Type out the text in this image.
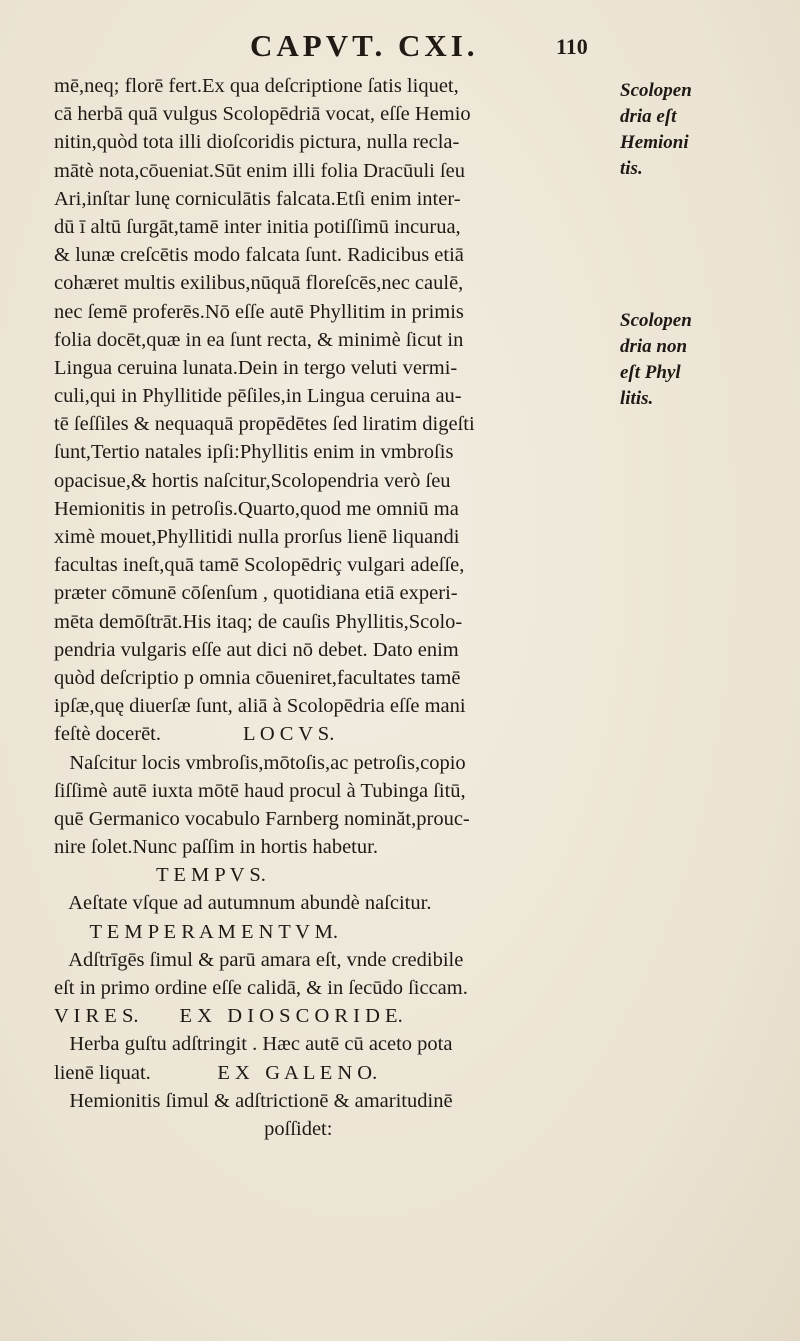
CAPVT. CXI.	110
mē,neq; florē fert.Ex qua deſcriptione ſatis liquet,
cā herbā quā vulgus Scolopēdriā vocat, eſſe Hemio
nitin,quòd tota illi dioſcoridis pictura, nulla recla-
mātè nota,cōueniat.Sūt enim illi folia Dracūuli ſeu
Ari,inſtar lunę corniculātis falcata.Etſi enim inter-
dū ī altū ſurgāt,tamē inter initia potiſſimū incurua,
& lunæ creſcētis modo falcata ſunt. Radicibus etiā
cohæret multis exilibus,nūquā floreſcēs,nec caulē,
nec ſemē proferēs.Nō eſſe autē Phyllitim in primis
folia docēt,quæ in ea ſunt recta, & minimè ſicut in
Lingua ceruina lunata.Dein in tergo veluti vermi-
culi,qui in Phyllitide pēſiles,in Lingua ceruina au-
tē ſeſſiles & nequaquā propēdētes ſed liratim digeſti
ſunt,Tertio natales ipſi:Phyllitis enim in vmbroſis
opacisue,& hortis naſcitur,Scolopendria verò ſeu
Hemionitis in petroſis.Quarto,quod me omniū ma
ximè mouet,Phyllitidi nulla prorſus lienē liquandi
facultas ineſt,quā tamē Scolopēdriç vulgari adeſſe,
præter cōmunē cōſenſum , quotidiana etiā experi-
mēta demōſtrāt.His itaq; de cauſis Phyllitis,Scolo-
pendria vulgaris eſſe aut dici nō debet. Dato enim
quòd deſcriptio p omnia cōueniret,facultates tamē
ipſæ,quę diuerſæ ſunt, aliā à Scolopēdria eſſe mani
feſtè docerēt.                L O C V S.
Naſcitur locis vmbroſis,mōtoſis,ac petroſis,copio
ſiſſimè autē iuxta mōtē haud procul à Tubinga ſitū,
quē Germanico vocabulo Farnberg nominăt,prouc-
nire ſolet.Nunc paſſim in hortis habetur.
T E M P V S.
Aeſtate vſque ad autumnum abundè naſcitur.
T E M P E R A M E N T V M.
Adſtrīgēs ſimul & parū amara eſt, vnde credibile
eſt in primo ordine eſſe calidā, & in ſecūdo ſiccam.
V I R E S.        E X   D I O S C O R I D E.
Herba guſtu adſtringit . Hæc autē cū aceto pota
lienē liquat.             E X   G A L E N O.
Hemionitis ſimul & adſtrictionē & amaritudinē
poſſidet:
Scolopen
dria eſt
Hemioni
tis.
Scolopen
dria non
eſt Phyl
litis.
